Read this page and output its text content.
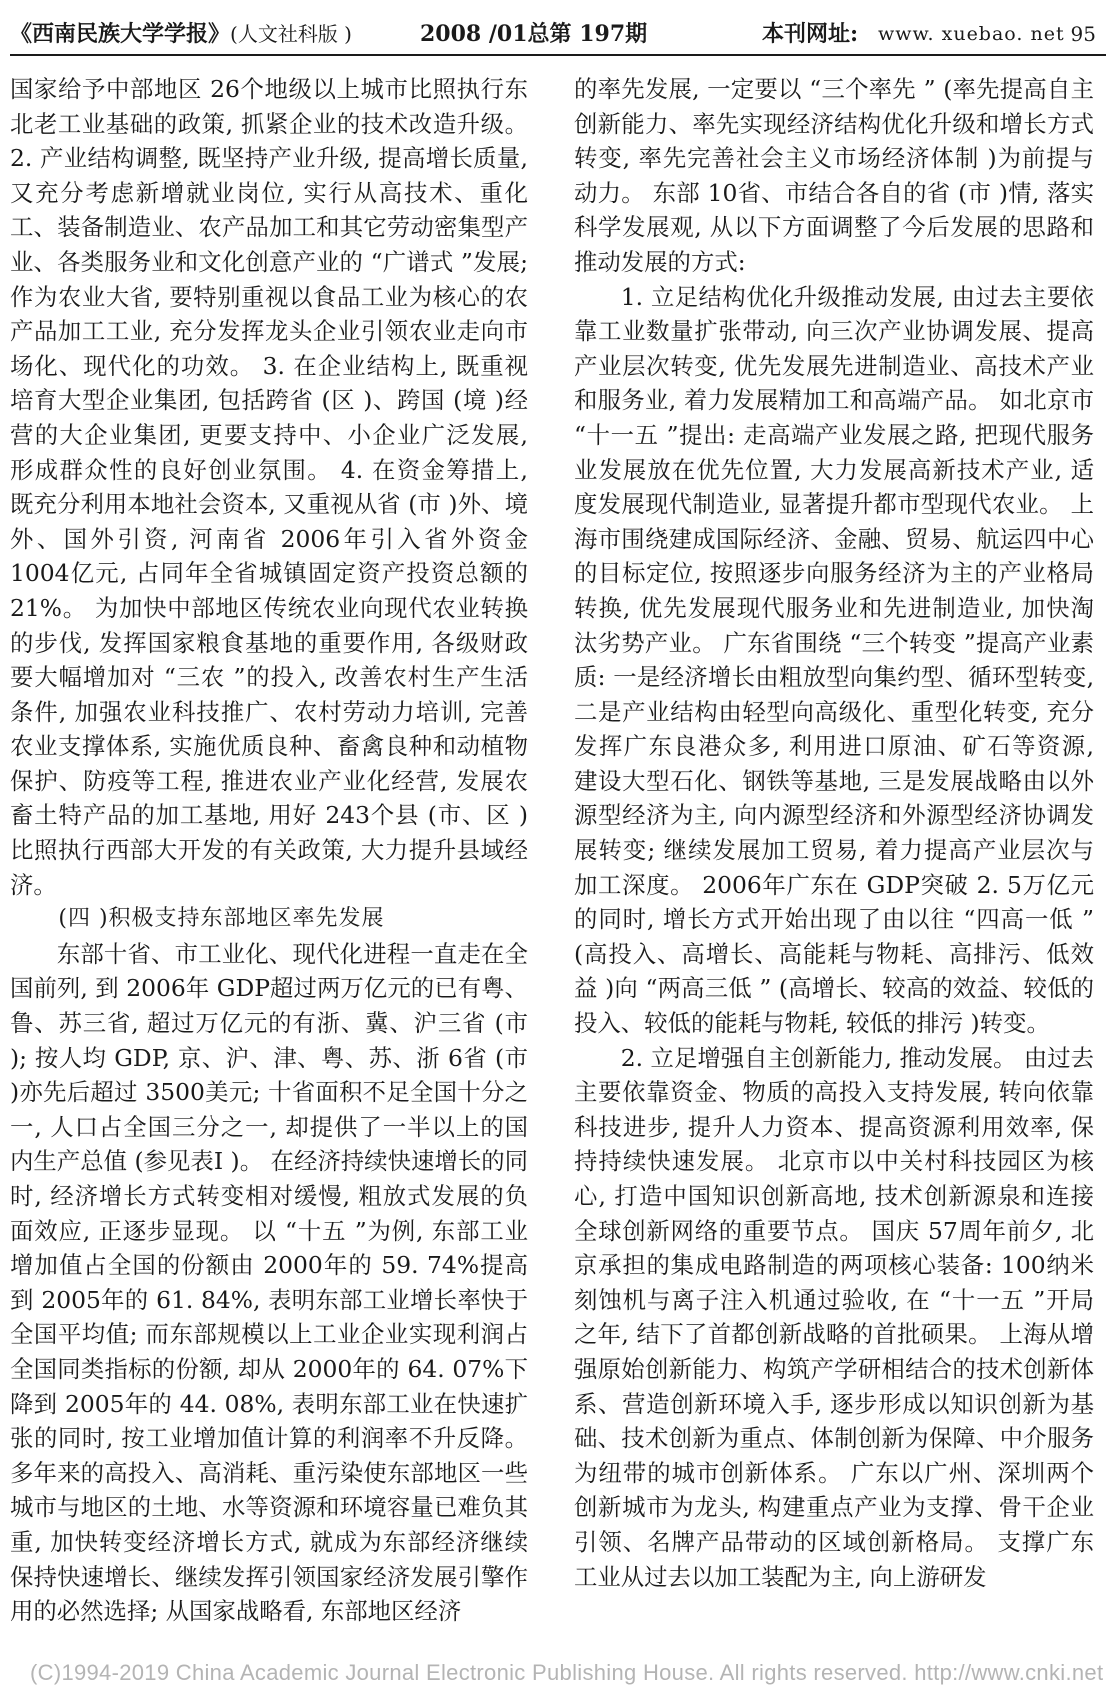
《西南民族大学学报》(人文社科版 )	2008 /01总第 197期	本刊网址: www. xuebao. net 95

国家给予中部地区 26个地级以上城市比照执行东北老工业基础的政策, 抓紧企业的技术改造升级。 2. 产业结构调整, 既坚持产业升级, 提高增长质量, 又充分考虑新增就业岗位, 实行从高技术、重化工、装备制造业、农产品加工和其它劳动密集型产业、各类服务业和文化创意产业的 “广谱式 ”发展; 作为农业大省, 要特别重视以食品工业为核心的农产品加工工业, 充分发挥龙头企业引领农业走向市场化、现代化的功效。 3. 在企业结构上, 既重视培育大型企业集团, 包括跨省 (区 )、跨国 (境 )经营的大企业集团, 更要支持中、小企业广泛发展, 形成群众性的良好创业氛围。 4. 在资金筹措上, 既充分利用本地社会资本, 又重视从省 (市 )外、境外、国外引资, 河南省 2006年引入省外资金 1004亿元, 占同年全省城镇固定资产投资总额的 21%。 为加快中部地区传统农业向现代农业转换的步伐, 发挥国家粮食基地的重要作用, 各级财政要大幅增加对 “三农 ”的投入, 改善农村生产生活条件, 加强农业科技推广、农村劳动力培训, 完善农业支撑体系, 实施优质良种、畜禽良种和动植物保护、防疫等工程, 推进农业产业化经营, 发展农畜土特产品的加工基地, 用好 243个县 (市、区 )比照执行西部大开发的有关政策, 大力提升县域经济。

(四 )积极支持东部地区率先发展

东部十省、市工业化、现代化进程一直走在全国前列, 到 2006年 GDP超过两万亿元的已有粤、鲁、苏三省, 超过万亿元的有浙、冀、沪三省 (市 ); 按人均 GDP, 京、沪、津、粤、苏、浙 6省 (市 )亦先后超过 3500美元; 十省面积不足全国十分之一, 人口占全国三分之一, 却提供了一半以上的国内生产总值 (参见表Ⅰ )。 在经济持续快速增长的同时, 经济增长方式转变相对缓慢, 粗放式发展的负面效应, 正逐步显现。 以 “十五 ”为例, 东部工业增加值占全国的份额由 2000年的 59. 74%提高到 2005年的 61. 84%, 表明东部工业增长率快于全国平均值; 而东部规模以上工业企业实现利润占全国同类指标的份额, 却从 2000年的 64. 07%下降到 2005年的 44. 08%, 表明东部工业在快速扩张的同时, 按工业增加值计算的利润率不升反降。 多年来的高投入、高消耗、重污染使东部地区一些城市与地区的土地、水等资源和环境容量已难负其重, 加快转变经济增长方式, 就成为东部经济继续保持快速增长、继续发挥引领国家经济发展引擎作用的必然选择; 从国家战略看, 东部地区经济

的率先发展, 一定要以 “三个率先 ” (率先提高自主创新能力、率先实现经济结构优化升级和增长方式转变, 率先完善社会主义市场经济体制 )为前提与动力。 东部 10省、市结合各自的省 (市 )情, 落实科学发展观, 从以下方面调整了今后发展的思路和推动发展的方式:

1. 立足结构优化升级推动发展, 由过去主要依靠工业数量扩张带动, 向三次产业协调发展、提高产业层次转变, 优先发展先进制造业、高技术产业和服务业, 着力发展精加工和高端产品。 如北京市 “十一五 ”提出: 走高端产业发展之路, 把现代服务业发展放在优先位置, 大力发展高新技术产业, 适度发展现代制造业, 显著提升都市型现代农业。 上海市围绕建成国际经济、金融、贸易、航运四中心的目标定位, 按照逐步向服务经济为主的产业格局转换, 优先发展现代服务业和先进制造业, 加快淘汰劣势产业。 广东省围绕 “三个转变 ”提高产业素质: 一是经济增长由粗放型向集约型、循环型转变, 二是产业结构由轻型向高级化、重型化转变, 充分发挥广东良港众多, 利用进口原油、矿石等资源, 建设大型石化、钢铁等基地, 三是发展战略由以外源型经济为主, 向内源型经济和外源型经济协调发展转变; 继续发展加工贸易, 着力提高产业层次与加工深度。 2006年广东在 GDP突破 2. 5万亿元的同时, 增长方式开始出现了由以往 “四高一低 ” (高投入、高增长、高能耗与物耗、高排污、低效益 )向 “两高三低 ” (高增长、较高的效益、较低的投入、较低的能耗与物耗, 较低的排污 )转变。

2. 立足增强自主创新能力, 推动发展。 由过去主要依靠资金、物质的高投入支持发展, 转向依靠科技进步, 提升人力资本、提高资源利用效率, 保持持续快速发展。 北京市以中关村科技园区为核心, 打造中国知识创新高地, 技术创新源泉和连接全球创新网络的重要节点。 国庆 57周年前夕, 北京承担的集成电路制造的两项核心装备: 100纳米刻蚀机与离子注入机通过验收, 在 “十一五 ”开局之年, 结下了首都创新战略的首批硕果。 上海从增强原始创新能力、构筑产学研相结合的技术创新体系、营造创新环境入手, 逐步形成以知识创新为基础、技术创新为重点、体制创新为保障、中介服务为纽带的城市创新体系。 广东以广州、深圳两个创新城市为龙头, 构建重点产业为支撑、骨干企业引领、名牌产品带动的区域创新格局。 支撑广东工业从过去以加工装配为主, 向上游研发

(C)1994-2019 China Academic Journal Electronic Publishing House. All rights reserved. http://www.cnki.net
